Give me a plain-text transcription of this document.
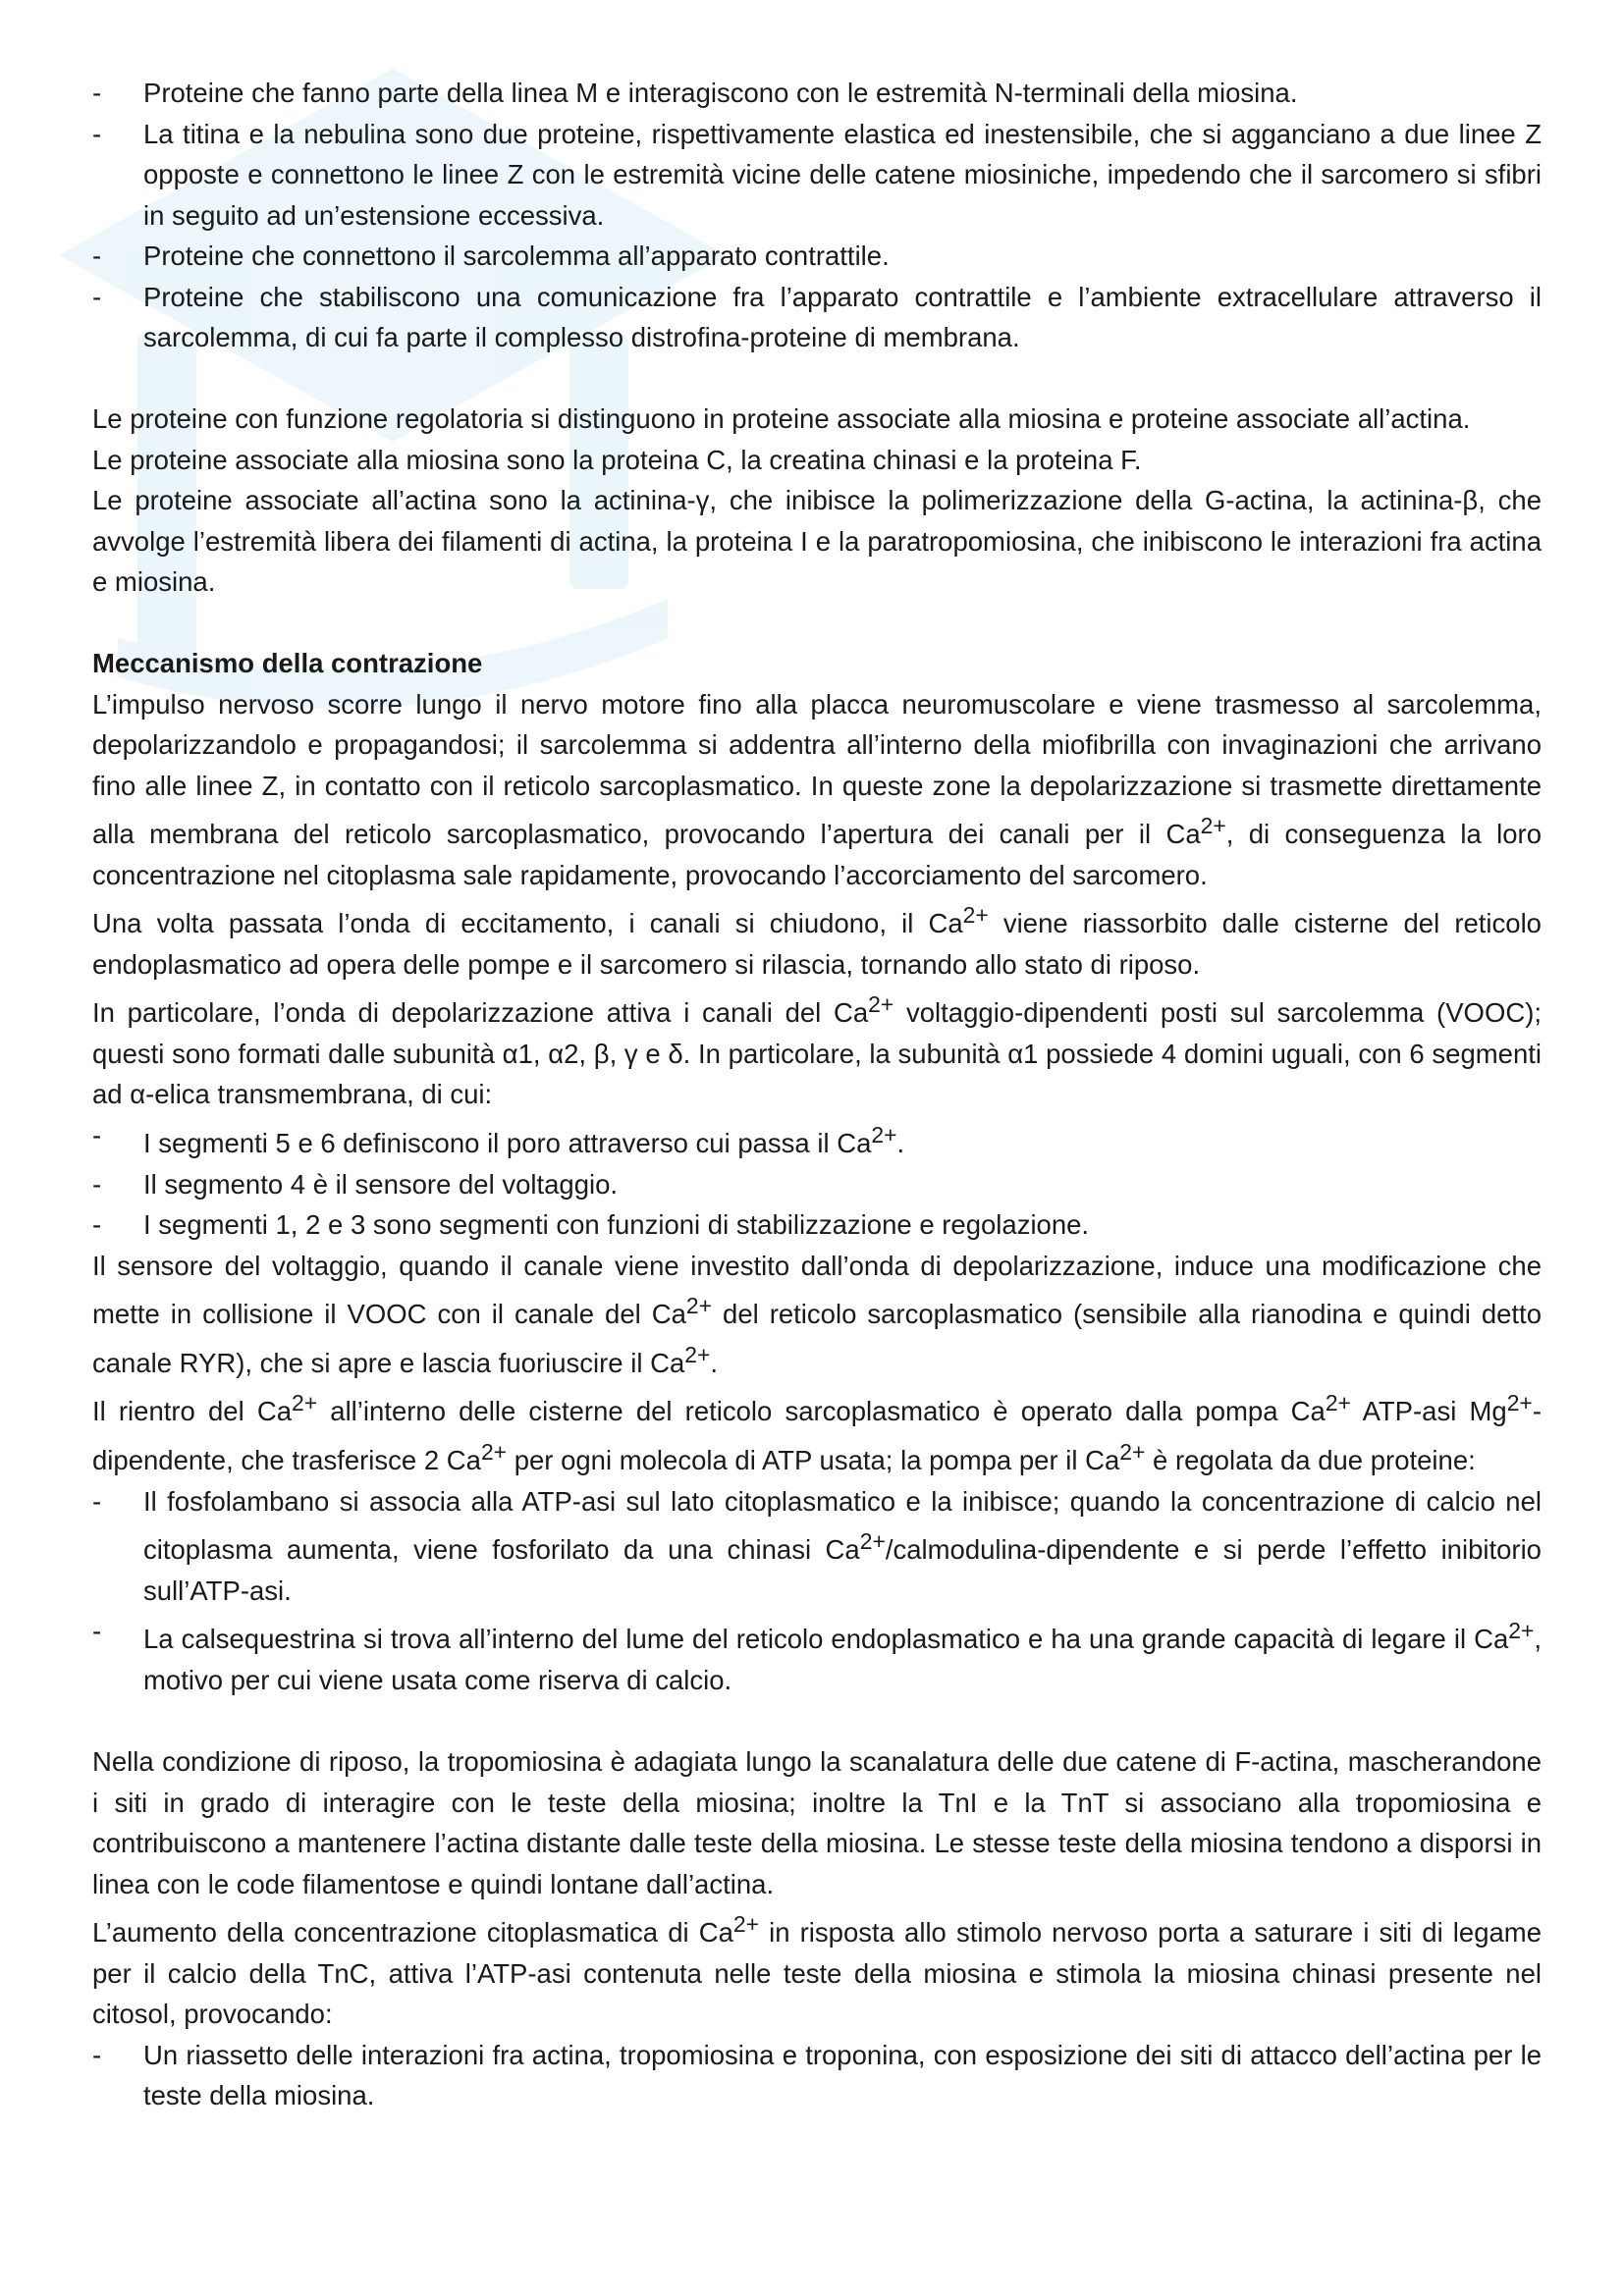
- Proteine che fanno parte della linea M e interagiscono con le estremità N-terminali della miosina.
- La titina e la nebulina sono due proteine, rispettivamente elastica ed inestensibile, che si agganciano a due linee Z opposte e connettono le linee Z con le estremità vicine delle catene miosiniche, impedendo che il sarcomero si sfibri in seguito ad un’estensione eccessiva.
- Proteine che connettono il sarcolemma all’apparato contrattile.
- Proteine che stabiliscono una comunicazione fra l’apparato contrattile e l’ambiente extracellulare attraverso il sarcolemma, di cui fa parte il complesso distrofina-proteine di membrana.

Le proteine con funzione regolatoria si distinguono in proteine associate alla miosina e proteine associate all’actina.

Le proteine associate alla miosina sono la proteina C, la creatina chinasi e la proteina F.

Le proteine associate all’actina sono la actinina-γ, che inibisce la polimerizzazione della G-actina, la actinina-β, che avvolge l’estremità libera dei filamenti di actina, la proteina I e la paratropomiosina, che inibiscono le interazioni fra actina e miosina.

Meccanismo della contrazione

L’impulso nervoso scorre lungo il nervo motore fino alla placca neuromuscolare e viene trasmesso al sarcolemma, depolarizzandolo e propagandosi; il sarcolemma si addentra all’interno della miofibrilla con invaginazioni che arrivano fino alle linee Z, in contatto con il reticolo sarcoplasmatico. In queste zone la depolarizzazione si trasmette direttamente alla membrana del reticolo sarcoplasmatico, provocando l’apertura dei canali per il $Ca^{2+}$, di conseguenza la loro concentrazione nel citoplasma sale rapidamente, provocando l’accorciamento del sarcomero.

Una volta passata l’onda di eccitamento, i canali si chiudono, il $Ca^{2+}$ viene riassorbito dalle cisterne del reticolo endoplasmatico ad opera delle pompe e il sarcomero si rilascia, tornando allo stato di riposo.

In particolare, l’onda di depolarizzazione attiva i canali del $Ca^{2+}$ voltaggio-dipendenti posti sul sarcolemma (VOOC); questi sono formati dalle subunità α1, α2, β, γ e δ. In particolare, la subunità α1 possiede 4 domini uguali, con 6 segmenti ad α-elica transmembrana, di cui:

- I segmenti 5 e 6 definiscono il poro attraverso cui passa il $Ca^{2+}$.
- Il segmento 4 è il sensore del voltaggio.
- I segmenti 1, 2 e 3 sono segmenti con funzioni di stabilizzazione e regolazione.

Il sensore del voltaggio, quando il canale viene investito dall’onda di depolarizzazione, induce una modificazione che mette in collisione il VOOC con il canale del $Ca^{2+}$ del reticolo sarcoplasmatico (sensibile alla rianodina e quindi detto canale RYR), che si apre e lascia fuoriuscire il $Ca^{2+}$.

Il rientro del $Ca^{2+}$ all’interno delle cisterne del reticolo sarcoplasmatico è operato dalla pompa $Ca^{2+}$ ATP-asi $Mg^{2+}$-dipendente, che trasferisce 2 $Ca^{2+}$ per ogni molecola di ATP usata; la pompa per il $Ca^{2+}$ è regolata da due proteine:

- Il fosfolambano si associa alla ATP-asi sul lato citoplasmatico e la inibisce; quando la concentrazione di calcio nel citoplasma aumenta, viene fosforilato da una chinasi $Ca^{2+}/calmodulina$-dipendente e si perde l’effetto inibitorio sull’ATP-asi.
- La calsequestrina si trova all’interno del lume del reticolo endoplasmatico e ha una grande capacità di legare il $Ca^{2+}$, motivo per cui viene usata come riserva di calcio.

Nella condizione di riposo, la tropomiosina è adagiata lungo la scanalatura delle due catene di F-actina, mascherandone i siti in grado di interagire con le teste della miosina; inoltre la TnI e la TnT si associano alla tropomiosina e contribuiscono a mantenere l’actina distante dalle teste della miosina. Le stesse teste della miosina tendono a disporsi in linea con le code filamentose e quindi lontane dall’actina.

L’aumento della concentrazione citoplasmatica di $Ca^{2+}$ in risposta allo stimolo nervoso porta a saturare i siti di legame per il calcio della TnC, attiva l’ATP-asi contenuta nelle teste della miosina e stimola la miosina chinasi presente nel citosol, provocando:

- Un riassetto delle interazioni fra actina, tropomiosina e troponina, con esposizione dei siti di attacco dell’actina per le teste della miosina.
